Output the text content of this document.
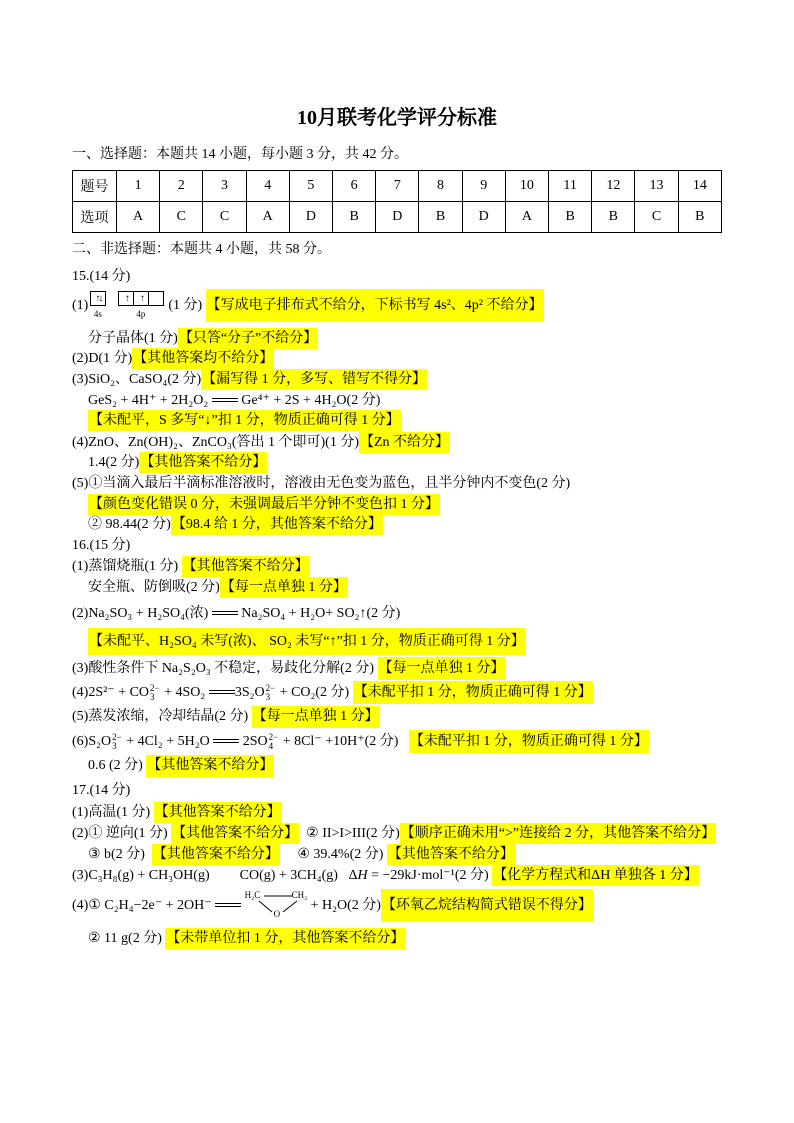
10月联考化学评分标准
一、选择题：本题共 14 小题，每小题 3 分，共 42 分。
题号	1	2	3	4	5	6	7	8	9	10	11	12	13	14
选项	A	C	C	A	D	B	D	B	D	A	B	B	C	B
二、非选择题：本题共 4 小题，共 58 分。
15.(14 分)
(1) ↑↓
4s
↑	↑
4p
(1 分) 【写成电子排布式不给分，下标书写 4s²、4p² 不给分】
分子晶体(1 分)【只答“分子”不给分】
(2)D(1 分)【其他答案均不给分】
(3)SiO₂、CaSO₄(2 分)【漏写得 1 分，多写、错写不得分】
GeS₂ + 4H⁺ + 2H₂O₂  Ge⁴⁺ + 2S + 4H₂O(2 分)
【未配平，S 多写“↓”扣 1 分，物质正确可得 1 分】
(4)ZnO、Zn(OH)₂、ZnCO₃(答出 1 个即可)(1 分)【Zn 不给分】
1.4(2 分)【其他答案不给分】
(5)①当滴入最后半滴标准溶液时，溶液由无色变为蓝色，且半分钟内不变色(2 分)
【颜色变化错误 0 分，未强调最后半分钟不变色扣 1 分】
② 98.44(2 分)【98.4 给 1 分，其他答案不给分】
16.(15 分)
(1)蒸馏烧瓶(1 分) 【其他答案不给分】
安全瓶、防倒吸(2 分)【每一点单独 1 分】
(2)Na₂SO₃ + H₂SO₄(浓)  Na₂SO₄ + H₂O+ SO₂↑(2 分)
【未配平、H₂SO₄ 未写(浓)、 SO₂ 未写“↑”扣 1 分，物质正确可得 1 分】
(3)酸性条件下 Na₂S₂O₃ 不稳定，易歧化分解(2 分) 【每一点单独 1 分】
(4)2S²⁻ + CO 2−
3 + 4SO₂ 3S₂O 2−
3 + CO₂(2 分) 【未配平扣 1 分，物质正确可得 1 分】
(5)蒸发浓缩，冷却结晶(2 分) 【每一点单独 1 分】
(6)S₂O 2−
3 + 4Cl₂ + 5H₂O  2SO 2−
4 + 8Cl⁻ +10H⁺(2 分)   【未配平扣 1 分，物质正确可得 1 分】
0.6 (2 分) 【其他答案不给分】
17.(14 分)
(1)高温(1 分) 【其他答案不给分】
(2)① 逆向(1 分) 【其他答案不给分】  ② II>I>III(2 分)【顺序正确未用“>”连接给 2 分，其他答案不给分】
③ b(2 分)  【其他答案不给分】     ④ 39.4%(2 分) 【其他答案不给分】
(3)C₃H₈(g) + CH₃OH(g) CO(g) + 3CH₄(g)   ΔH = −29kJ·mol⁻¹(2 分) 【化学方程式和ΔH 单独各 1 分】
(4)① C₂H₄−2e⁻ + 2OH⁻
H₂C	CH₂
O
+ H₂O(2 分)【环氧乙烷结构简式错误不得分】
② 11 g(2 分) 【未带单位扣 1 分，其他答案不给分】
